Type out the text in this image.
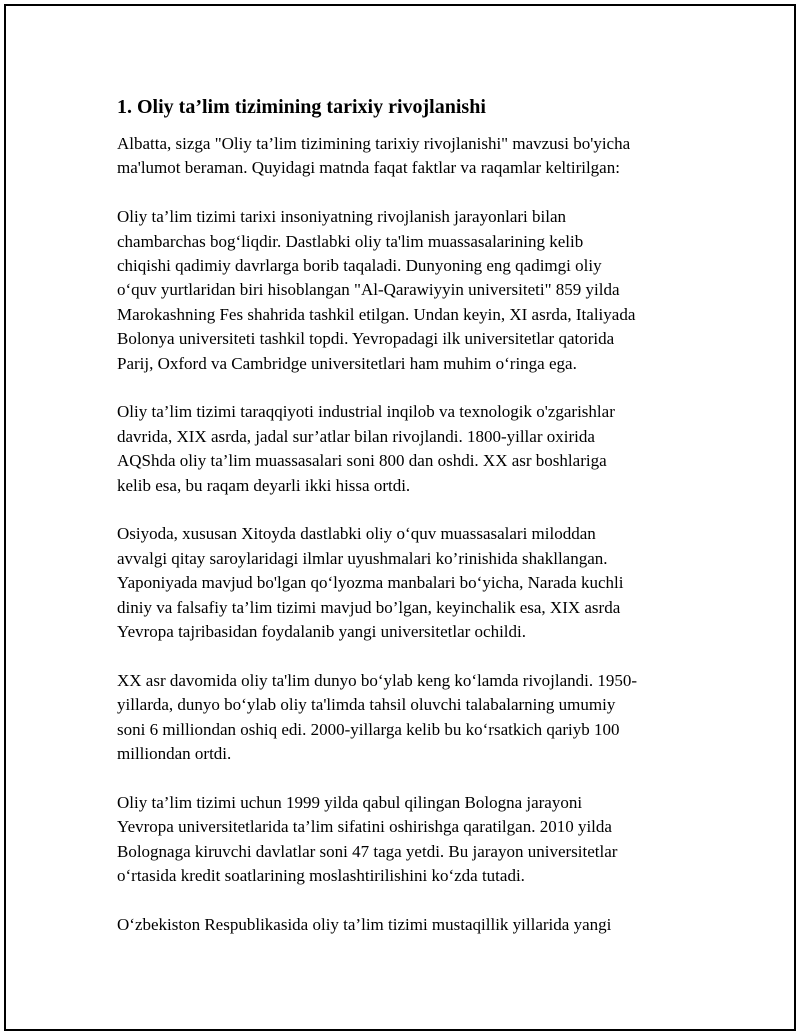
1. Oliy ta’lim tizimining tarixiy rivojlanishi

Albatta, sizga "Oliy ta’lim tizimining tarixiy rivojlanishi" mavzusi bo'yicha
ma'lumot beraman. Quyidagi matnda faqat faktlar va raqamlar keltirilgan:

Oliy ta’lim tizimi tarixi insoniyatning rivojlanish jarayonlari bilan
chambarchas bog‘liqdir. Dastlabki oliy ta'lim muassasalarining kelib
chiqishi qadimiy davrlarga borib taqaladi. Dunyoning eng qadimgi oliy
o‘quv yurtlaridan biri hisoblangan "Al-Qarawiyyin universiteti" 859 yilda
Marokashning Fes shahrida tashkil etilgan. Undan keyin, XI asrda, Italiyada
Bolonya universiteti tashkil topdi. Yevropadagi ilk universitetlar qatorida
Parij, Oxford va Cambridge universitetlari ham muhim o‘ringa ega.

Oliy ta’lim tizimi taraqqiyoti industrial inqilob va texnologik o'zgarishlar
davrida, XIX asrda, jadal sur’atlar bilan rivojlandi. 1800-yillar oxirida
AQShda oliy ta’lim muassasalari soni 800 dan oshdi. XX asr boshlariga
kelib esa, bu raqam deyarli ikki hissa ortdi.

Osiyoda, xususan Xitoyda dastlabki oliy o‘quv muassasalari miloddan
avvalgi qitay saroylaridagi ilmlar uyushmalari ko’rinishida shakllangan.
Yaponiyada mavjud bo'lgan qo‘lyozma manbalari bo‘yicha, Narada kuchli
diniy va falsafiy ta’lim tizimi mavjud bo’lgan, keyinchalik esa, XIX asrda
Yevropa tajribasidan foydalanib yangi universitetlar ochildi.

XX asr davomida oliy ta'lim dunyo bo‘ylab keng ko‘lamda rivojlandi. 1950-
yillarda, dunyo bo‘ylab oliy ta'limda tahsil oluvchi talabalarning umumiy
soni 6 milliondan oshiq edi. 2000-yillarga kelib bu ko‘rsatkich qariyb 100
milliondan ortdi.

Oliy ta’lim tizimi uchun 1999 yilda qabul qilingan Bologna jarayoni
Yevropa universitetlarida ta’lim sifatini oshirishga qaratilgan. 2010 yilda
Bolognaga kiruvchi davlatlar soni 47 taga yetdi. Bu jarayon universitetlar
o‘rtasida kredit soatlarining moslashtirilishini ko‘zda tutadi.

O‘zbekiston Respublikasida oliy ta’lim tizimi mustaqillik yillarida yangi
